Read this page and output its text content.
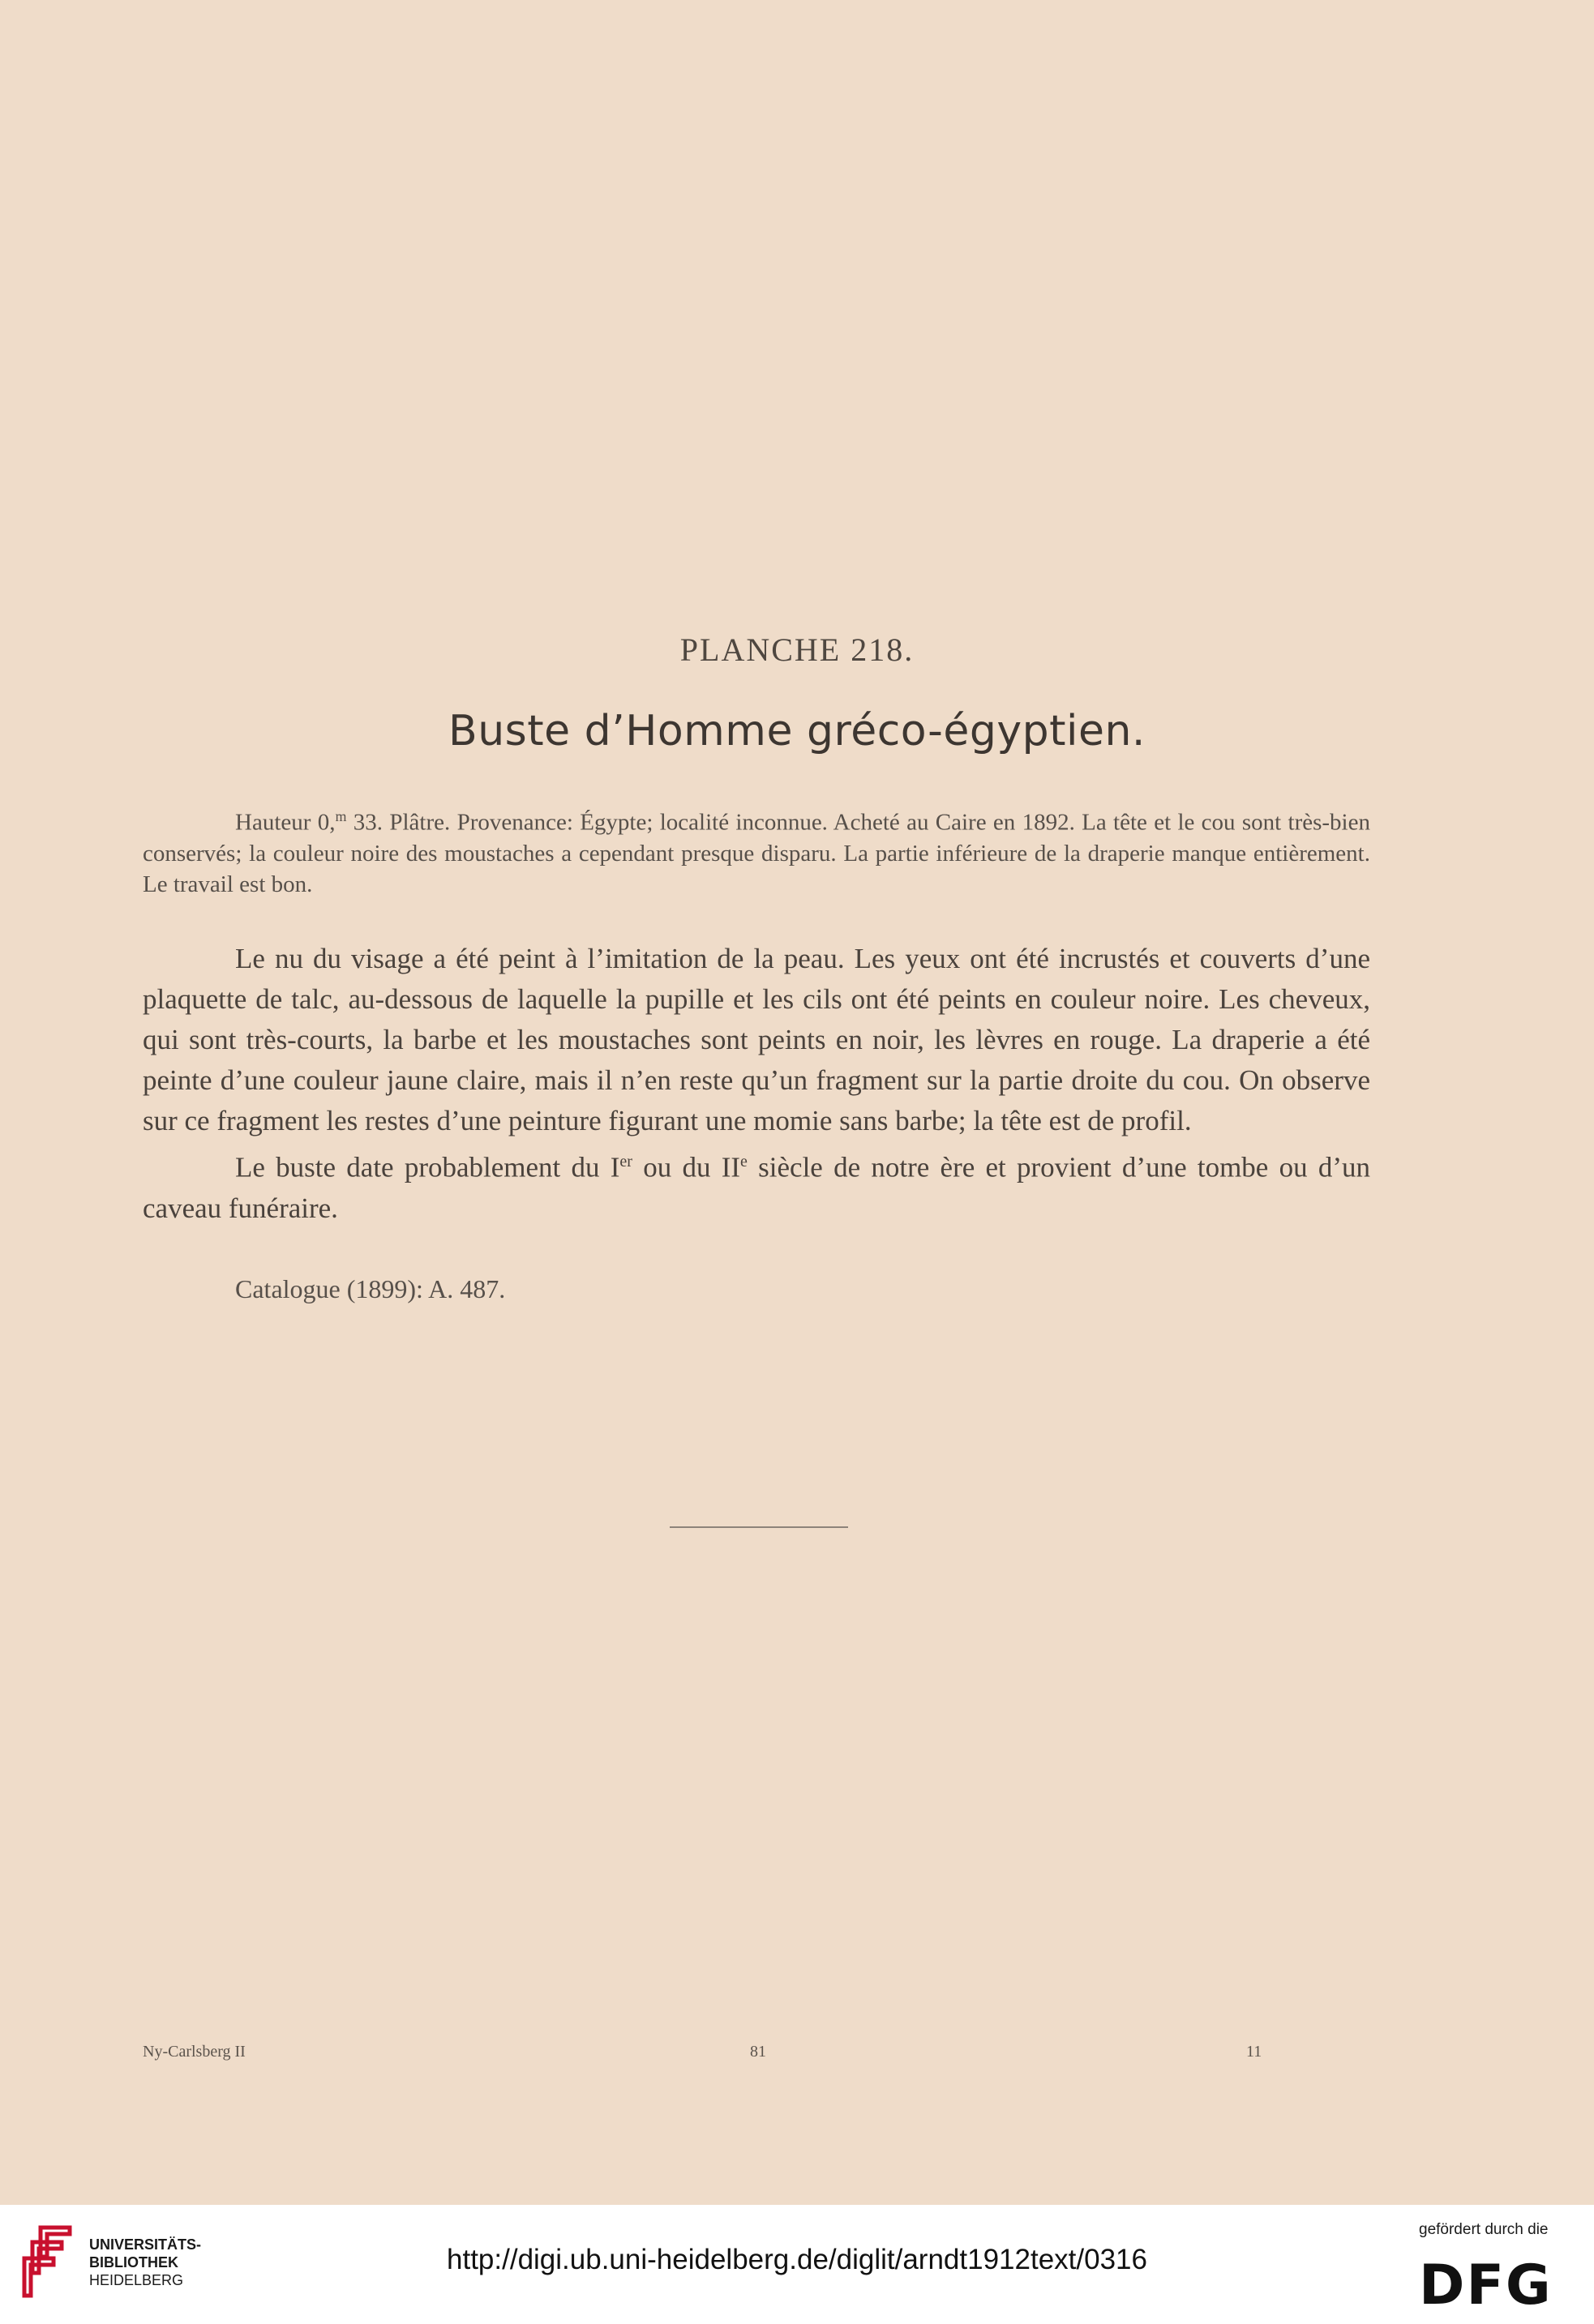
PLANCHE 218.
Buste d’Homme gréco-égyptien.

Hauteur 0,$^m$ 33. Plâtre. Provenance: Égypte; localité inconnue. Acheté au Caire en 1892. La tête et le cou sont très-bien conservés; la couleur noire des moustaches a cependant presque disparu. La partie inférieure de la draperie manque entièrement. Le travail est bon.

Le nu du visage a été peint à l’imitation de la peau. Les yeux ont été incrustés et couverts d’une plaquette de talc, au-dessous de laquelle la pupille et les cils ont été peints en couleur noire. Les cheveux, qui sont très-courts, la barbe et les moustaches sont peints en noir, les lèvres en rouge. La draperie a été peinte d’une couleur jaune claire, mais il n’en reste qu’un fragment sur la partie droite du cou. On observe sur ce fragment les restes d’une peinture figurant une momie sans barbe; la tête est de profil.

Le buste date probablement du Ier ou du IIe siècle de notre ère et provient d’une tombe ou d’un caveau funéraire.

Catalogue (1899): A. 487.
Ny-Carlsberg II	81	11
UNIVERSITÄTS-
BIBLIOTHEK
HEIDELBERG
http://digi.ub.uni-heidelberg.de/diglit/arndt1912text/0316
gefördert durch die
DFG
